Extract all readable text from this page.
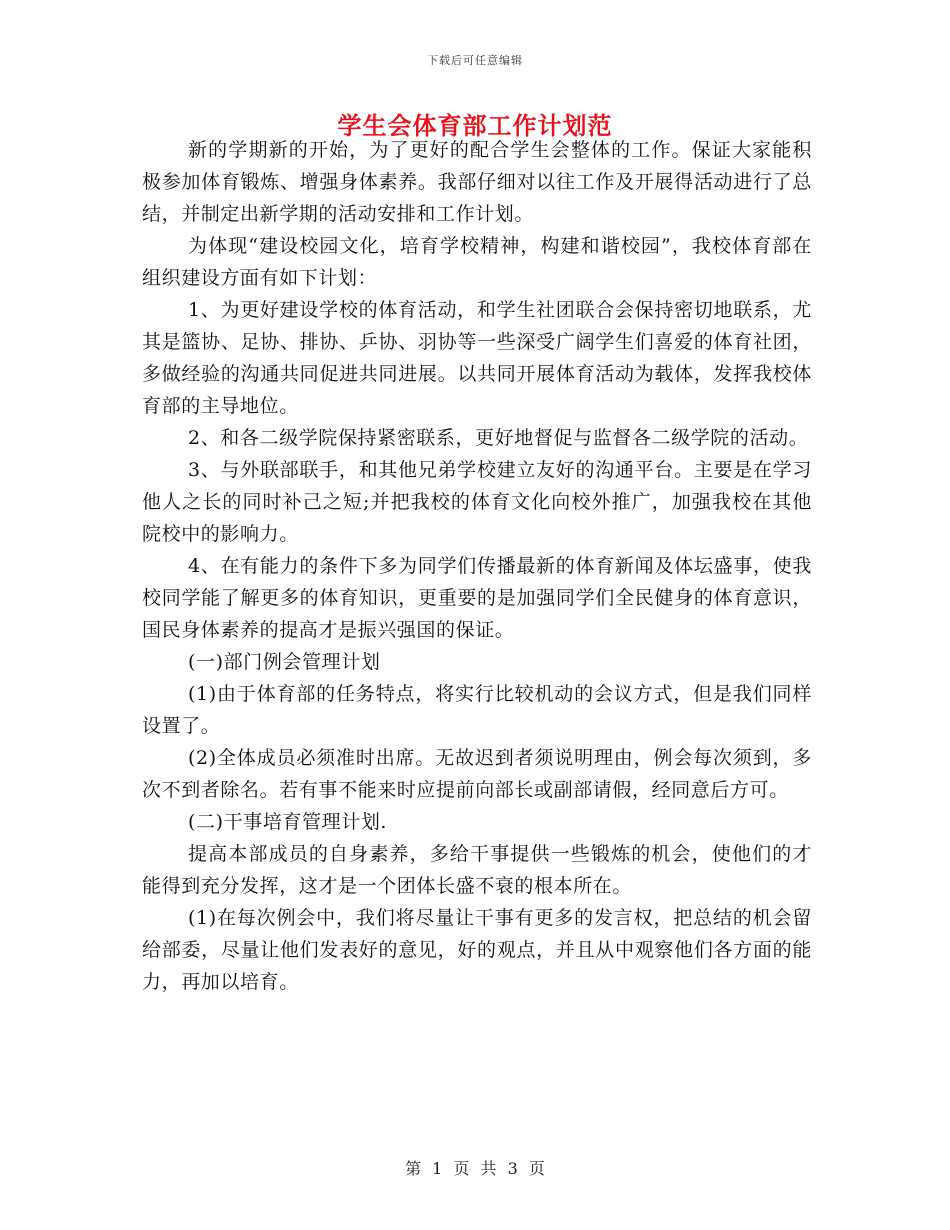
下载后可任意编辑
学生会体育部工作计划范

新的学期新的开始，为了更好的配合学生会整体的工作。保证大家能积极参加体育锻炼、增强身体素养。我部仔细对以往工作及开展得活动进行了总结，并制定出新学期的活动安排和工作计划。

为体现“建设校园文化，培育学校精神，构建和谐校园”，我校体育部在组织建设方面有如下计划：

1、为更好建设学校的体育活动，和学生社团联合会保持密切地联系，尤其是篮协、足协、排协、乒协、羽协等一些深受广阔学生们喜爱的体育社团，多做经验的沟通共同促进共同进展。以共同开展体育活动为载体，发挥我校体育部的主导地位。

2、和各二级学院保持紧密联系，更好地督促与监督各二级学院的活动。

3、与外联部联手，和其他兄弟学校建立友好的沟通平台。主要是在学习他人之长的同时补己之短;并把我校的体育文化向校外推广，加强我校在其他院校中的影响力。

4、在有能力的条件下多为同学们传播最新的体育新闻及体坛盛事，使我校同学能了解更多的体育知识，更重要的是加强同学们全民健身的体育意识，国民身体素养的提高才是振兴强国的保证。

(一)部门例会管理计划

(1)由于体育部的任务特点，将实行比较机动的会议方式，但是我们同样设置了。

(2)全体成员必须准时出席。无故迟到者须说明理由，例会每次须到，多次不到者除名。若有事不能来时应提前向部长或副部请假，经同意后方可。

(二)干事培育管理计划.

提高本部成员的自身素养，多给干事提供一些锻炼的机会，使他们的才能得到充分发挥，这才是一个团体长盛不衰的根本所在。

(1)在每次例会中，我们将尽量让干事有更多的发言权，把总结的机会留给部委，尽量让他们发表好的意见，好的观点，并且从中观察他们各方面的能力，再加以培育。

第 1 页 共 3 页
